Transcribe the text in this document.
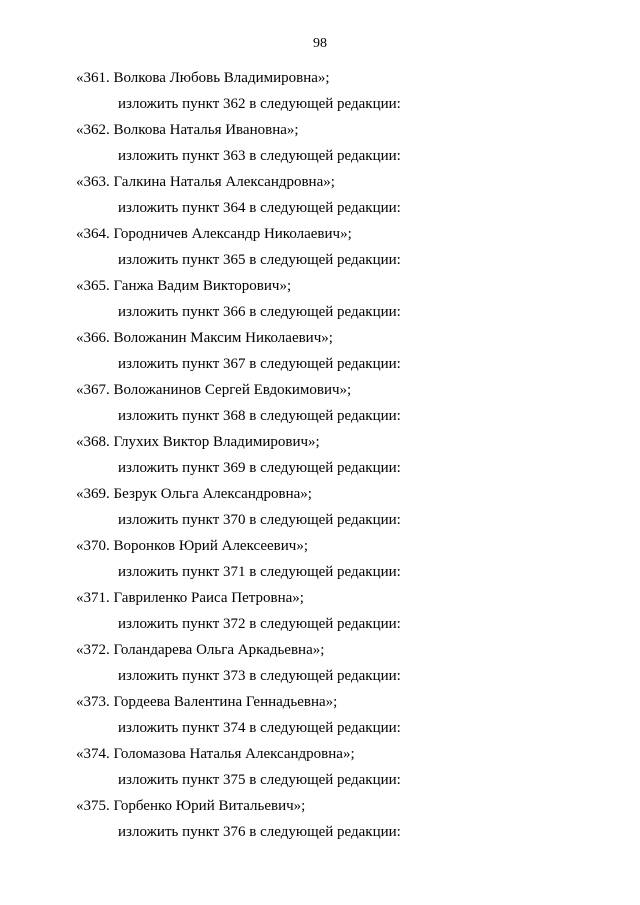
98
«361. Волкова Любовь Владимировна»;
изложить пункт 362 в следующей редакции:
«362. Волкова Наталья Ивановна»;
изложить пункт 363 в следующей редакции:
«363. Галкина Наталья Александровна»;
изложить пункт 364 в следующей редакции:
«364. Городничев Александр Николаевич»;
изложить пункт 365 в следующей редакции:
«365. Ганжа Вадим Викторович»;
изложить пункт 366 в следующей редакции:
«366. Воложанин Максим Николаевич»;
изложить пункт 367 в следующей редакции:
«367. Воложанинов Сергей Евдокимович»;
изложить пункт 368 в следующей редакции:
«368. Глухих Виктор Владимирович»;
изложить пункт 369 в следующей редакции:
«369. Безрук Ольга Александровна»;
изложить пункт 370 в следующей редакции:
«370. Воронков Юрий Алексеевич»;
изложить пункт 371 в следующей редакции:
«371. Гавриленко Раиса Петровна»;
изложить пункт 372 в следующей редакции:
«372. Голандарева Ольга Аркадьевна»;
изложить пункт 373 в следующей редакции:
«373. Гордеева Валентина Геннадьевна»;
изложить пункт 374 в следующей редакции:
«374. Голомазова Наталья Александровна»;
изложить пункт 375 в следующей редакции:
«375. Горбенко Юрий Витальевич»;
изложить пункт 376 в следующей редакции:
